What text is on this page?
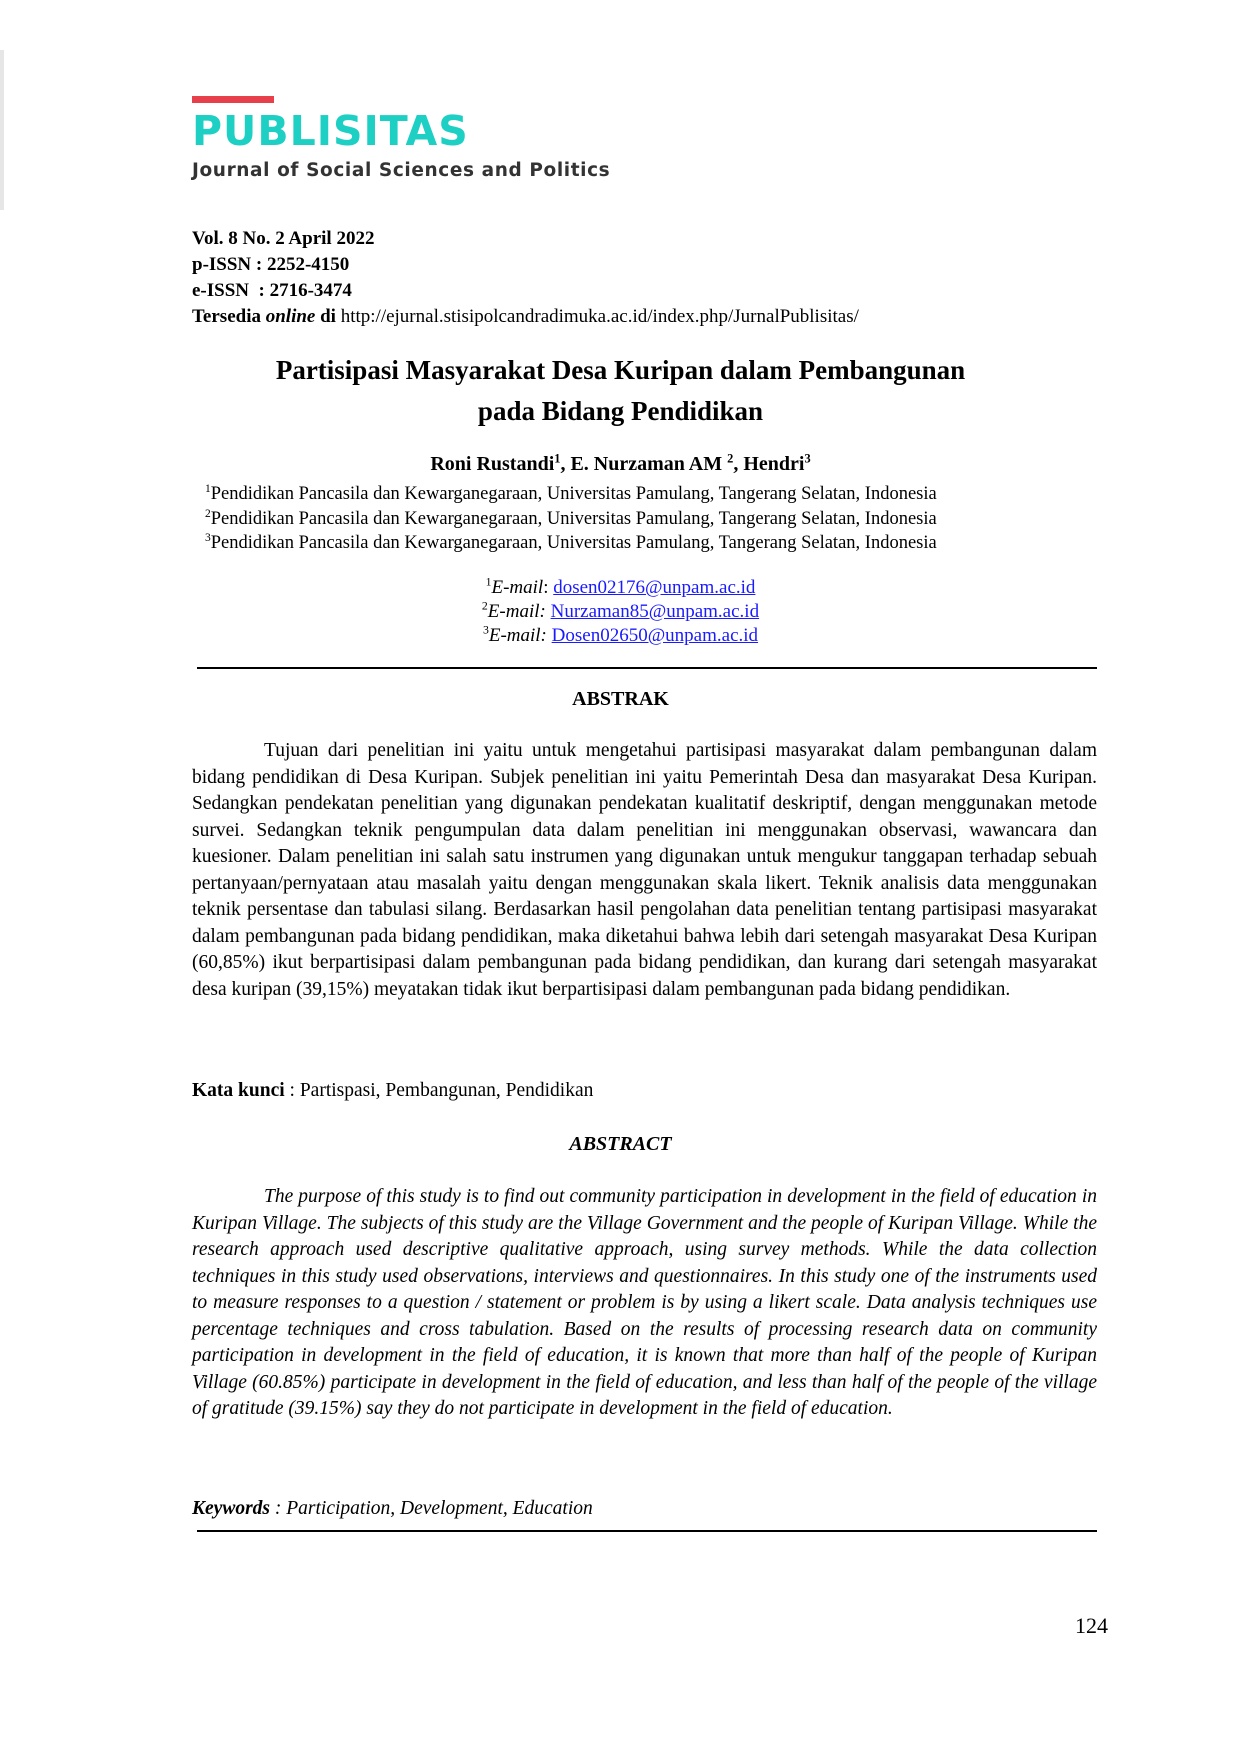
PUBLISITAS
Journal of Social Sciences and Politics
Vol. 8 No. 2 April 2022
p-ISSN : 2252-4150
e-ISSN  : 2716-3474
Tersedia online di http://ejurnal.stisipolcandradimuka.ac.id/index.php/JurnalPublisitas/
Partisipasi Masyarakat Desa Kuripan dalam Pembangunan
pada Bidang Pendidikan
Roni Rustandi$^1$, E. Nurzaman AM $^2$, Hendri$^3$
$^1$Pendidikan Pancasila dan Kewarganegaraan, Universitas Pamulang, Tangerang Selatan, Indonesia
$^2$Pendidikan Pancasila dan Kewarganegaraan, Universitas Pamulang, Tangerang Selatan, Indonesia
$^3$Pendidikan Pancasila dan Kewarganegaraan, Universitas Pamulang, Tangerang Selatan, Indonesia
$^1$E-mail: dosen02176@unpam.ac.id
$^2$E-mail: Nurzaman85@unpam.ac.id
$^3$E-mail: Dosen02650@unpam.ac.id
ABSTRAK

Tujuan dari penelitian ini yaitu untuk mengetahui partisipasi masyarakat dalam pembangunan dalam bidang pendidikan di Desa Kuripan. Subjek penelitian ini yaitu Pemerintah Desa dan masyarakat Desa Kuripan. Sedangkan pendekatan penelitian yang digunakan pendekatan kualitatif deskriptif, dengan menggunakan metode survei. Sedangkan teknik pengumpulan data dalam penelitian ini menggunakan observasi, wawancara dan kuesioner. Dalam penelitian ini salah satu instrumen yang digunakan untuk mengukur tanggapan terhadap sebuah pertanyaan/pernyataan atau masalah yaitu dengan menggunakan skala likert. Teknik analisis data menggunakan teknik persentase dan tabulasi silang. Berdasarkan hasil pengolahan data penelitian tentang partisipasi masyarakat dalam pembangunan pada bidang pendidikan, maka diketahui bahwa lebih dari setengah masyarakat Desa Kuripan (60,85%) ikut berpartisipasi dalam pembangunan pada bidang pendidikan, dan kurang dari setengah masyarakat desa kuripan (39,15%) meyatakan tidak ikut berpartisipasi dalam pembangunan pada bidang pendidikan.

Kata kunci : Partispasi, Pembangunan, Pendidikan
ABSTRACT

The purpose of this study is to find out community participation in development in the field of education in Kuripan Village. The subjects of this study are the Village Government and the people of Kuripan Village. While the research approach used descriptive qualitative approach, using survey methods. While the data collection techniques in this study used observations, interviews and questionnaires. In this study one of the instruments used to measure responses to a question / statement or problem is by using a likert scale. Data analysis techniques use percentage techniques and cross tabulation. Based on the results of processing research data on community participation in development in the field of education, it is known that more than half of the people of Kuripan Village (60.85%) participate in development in the field of education, and less than half of the people of the village of gratitude (39.15%) say they do not participate in development in the field of education.

Keywords : Participation, Development, Education
124
